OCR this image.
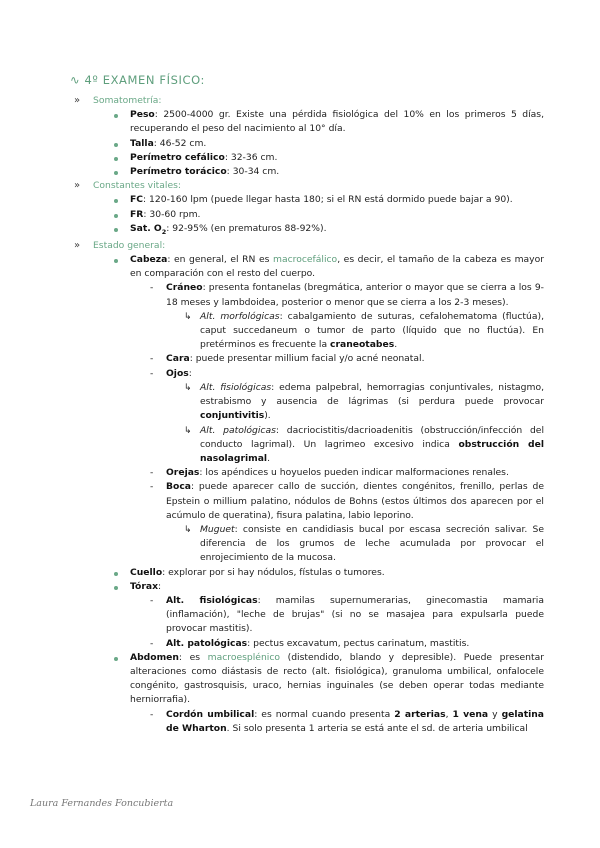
∿ 4º EXAMEN FÍSICO:
» Somatometría:
Peso: 2500-4000 gr. Existe una pérdida fisiológica del 10% en los primeros 5 días, recuperando el peso del nacimiento al 10° día.
Talla: 46-52 cm.
Perímetro cefálico: 32-36 cm.
Perímetro torácico: 30-34 cm.
» Constantes vitales:
FC: 120-160 lpm (puede llegar hasta 180; si el RN está dormido puede bajar a 90).
FR: 30-60 rpm.
Sat. $O_2$: 92-95% (en prematuros 88-92%).
» Estado general:
Cabeza: en general, el RN es macrocefálico, es decir, el tamaño de la cabeza es mayor en comparación con el resto del cuerpo.
- Cráneo: presenta fontanelas (bregmática, anterior o mayor que se cierra a los 9-18 meses y lambdoidea, posterior o menor que se cierra a los 2-3 meses).
↳ Alt. morfológicas: cabalgamiento de suturas, cefalohematoma (fluctúa), caput succedaneum o tumor de parto (líquido que no fluctúa). En pretérminos es frecuente la craneotabes.
- Cara: puede presentar millium facial y/o acné neonatal.
- Ojos:
↳ Alt. fisiológicas: edema palpebral, hemorragias conjuntivales, nistagmo, estrabismo y ausencia de lágrimas (si perdura puede provocar conjuntivitis).
↳ Alt. patológicas: dacriocistitis/dacrioadenitis (obstrucción/infección del conducto lagrimal). Un lagrimeo excesivo indica obstrucción del nasolagrimal.
- Orejas: los apéndices u hoyuelos pueden indicar malformaciones renales.
- Boca: puede aparecer callo de succión, dientes congénitos, frenillo, perlas de Epstein o millium palatino, nódulos de Bohns (estos últimos dos aparecen por el acúmulo de queratina), fisura palatina, labio leporino.
↳ Muguet: consiste en candidiasis bucal por escasa secreción salivar. Se diferencia de los grumos de leche acumulada por provocar el enrojecimiento de la mucosa.
Cuello: explorar por si hay nódulos, fístulas o tumores.
Tórax:
- Alt. fisiológicas: mamilas supernumerarias, ginecomastia mamaria (inflamación), "leche de brujas" (si no se masajea para expulsarla puede provocar mastitis).
- Alt. patológicas: pectus excavatum, pectus carinatum, mastitis.
Abdomen: es macroesplénico (distendido, blando y depresible). Puede presentar alteraciones como diástasis de recto (alt. fisiológica), granuloma umbilical, onfalocele congénito, gastrosquisis, uraco, hernias inguinales (se deben operar todas mediante herniorrafia).
- Cordón umbilical: es normal cuando presenta 2 arterias, 1 vena y gelatina de Wharton. Si solo presenta 1 arteria se está ante el sd. de arteria umbilical
Laura Fernandes Foncubierta
